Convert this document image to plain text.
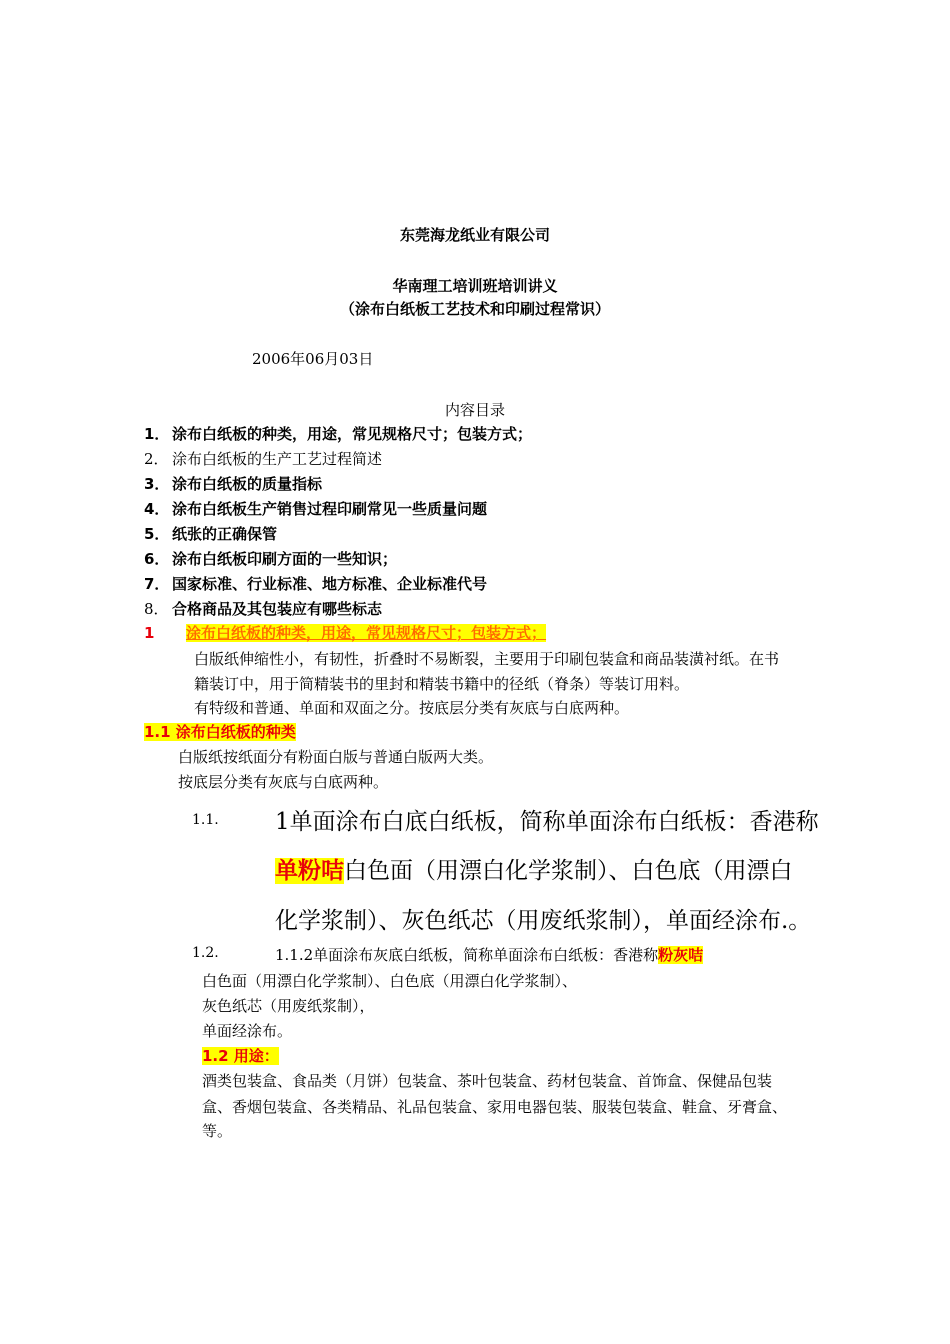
东莞海龙纸业有限公司
华南理工培训班培训讲义
（涂布白纸板工艺技术和印刷过程常识）
2006年06月03日
内容目录
1． 涂布白纸板的种类，用途，常见规格尺寸；包装方式；
2． 涂布白纸板的生产工艺过程简述
3． 涂布白纸板的质量指标
4． 涂布白纸板生产销售过程印刷常见一些质量问题
5． 纸张的正确保管
6． 涂布白纸板印刷方面的一些知识；
7． 国家标准、行业标准、地方标准、企业标准代号
8． 合格商品及其包装应有哪些标志
1 涂布白纸板的种类，用途，常见规格尺寸；包装方式；
白版纸伸缩性小，有韧性，折叠时不易断裂，主要用于印刷包装盒和商品装潢衬纸。在书
籍装订中，用于简精装书的里封和精装书籍中的径纸（脊条）等装订用料。
有特级和普通、单面和双面之分。按底层分类有灰底与白底两种。
1.1 涂布白纸板的种类
白版纸按纸面分有粉面白版与普通白版两大类。
按底层分类有灰底与白底两种。
1.1. 1单面涂布白底白纸板，简称单面涂布白纸板：香港称
单粉咭白色面（用漂白化学浆制）、白色底（用漂白
化学浆制）、灰色纸芯（用废纸浆制），单面经涂布.。
1.2.	1.1.2单面涂布灰底白纸板，简称单面涂布白纸板：香港称粉灰咭
白色面（用漂白化学浆制）、白色底（用漂白化学浆制）、
灰色纸芯（用废纸浆制），
单面经涂布。
1.2 用途：
酒类包装盒、食品类（月饼）包装盒、茶叶包装盒、药材包装盒、首饰盒、保健品包装
盒、香烟包装盒、各类精品、礼品包装盒、家用电器包装、服装包装盒、鞋盒、牙膏盒、
等。
